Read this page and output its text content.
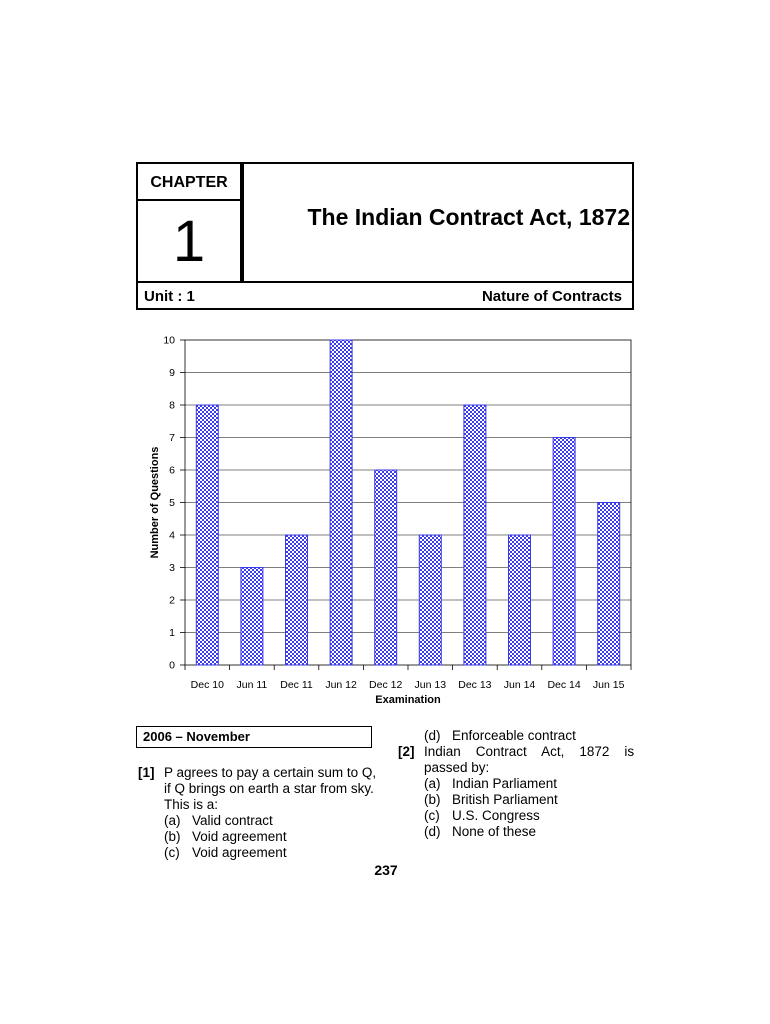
CHAPTER
1	The Indian Contract Act, 1872
Unit : 1	Nature of Contracts
0
1
2
3
4
5
6
7
8
9
10
Dec 10 Jun 11 Dec 11 Jun 12 Dec 12 Jun 13 Dec 13 Jun 14 Dec 14 Jun 15
Examination
Number of Questions
2006 – November
[1] P agrees to pay a certain sum to Q,
if Q brings on earth a star from sky.
This is a:
(a) Valid contract
(b) Void agreement
(c) Void agreement
(d) Enforceable contract
[2] Indian    Contract    Act,    1872    is
passed by:
(a) Indian Parliament
(b) British Parliament
(c) U.S. Congress
(d) None of these
237
